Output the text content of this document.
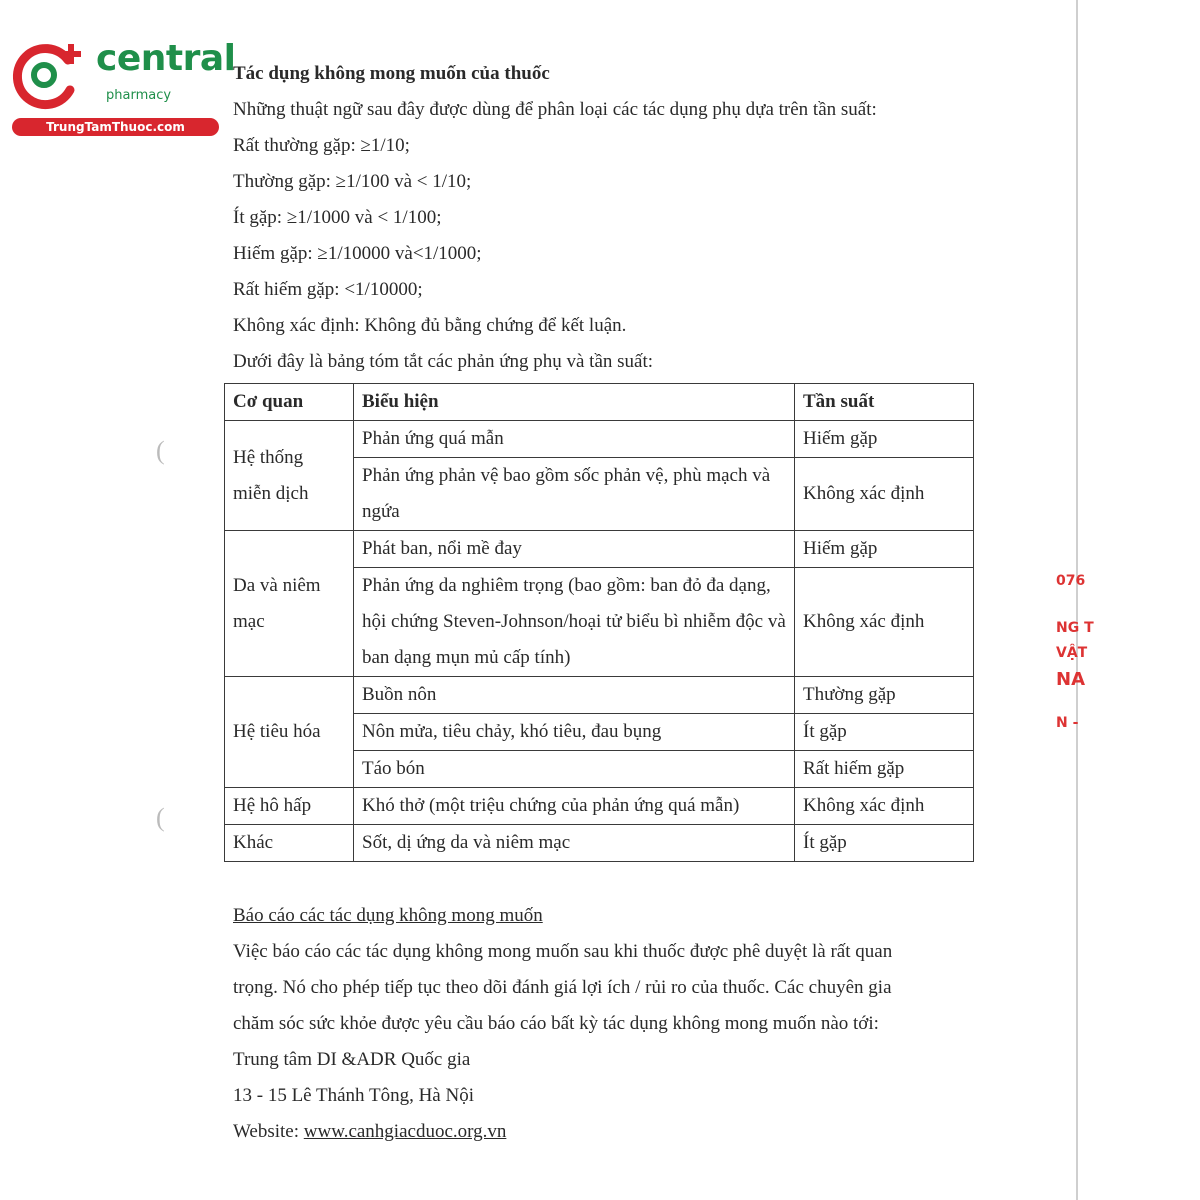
central
pharmacy
TrungTamThuoc.com
Tác dụng không mong muốn của thuốc
Những thuật ngữ sau đây được dùng để phân loại các tác dụng phụ dựa trên tần suất:
Rất thường gặp: ≥1/10;
Thường gặp: ≥1/100 và < 1/10;
Ít gặp: ≥1/1000 và < 1/100;
Hiếm gặp: ≥1/10000 và<1/1000;
Rất hiếm gặp: <1/10000;
Không xác định: Không đủ bằng chứng để kết luận.
Dưới đây là bảng tóm tắt các phản ứng phụ và tần suất:
Cơ quan	Biểu hiện	Tần suất
Hệ thống miễn dịch	Phản ứng quá mẫn	Hiếm gặp
	Phản ứng phản vệ bao gồm sốc phản vệ, phù mạch và ngứa	Không xác định
Da và niêm mạc	Phát ban, nổi mề đay	Hiếm gặp
	Phản ứng da nghiêm trọng (bao gồm: ban đỏ đa dạng, hội chứng Steven-Johnson/hoại tử biểu bì nhiễm độc và ban dạng mụn mủ cấp tính)	Không xác định
Hệ tiêu hóa	Buồn nôn	Thường gặp
	Nôn mửa, tiêu chảy, khó tiêu, đau bụng	Ít gặp
	Táo bón	Rất hiếm gặp
Hệ hô hấp	Khó thở (một triệu chứng của phản ứng quá mẫn)	Không xác định
Khác	Sốt, dị ứng da và niêm mạc	Ít gặp
Báo cáo các tác dụng không mong muốn
Việc báo cáo các tác dụng không mong muốn sau khi thuốc được phê duyệt là rất quan
trọng. Nó cho phép tiếp tục theo dõi đánh giá lợi ích / rủi ro của thuốc. Các chuyên gia
chăm sóc sức khỏe được yêu cầu báo cáo bất kỳ tác dụng không mong muốn nào tới:
Trung tâm DI &ADR Quốc gia
13 - 15 Lê Thánh Tông, Hà Nội
Website: www.canhgiacduoc.org.vn
(
(
076
NG T
VẬT
NA
N -
